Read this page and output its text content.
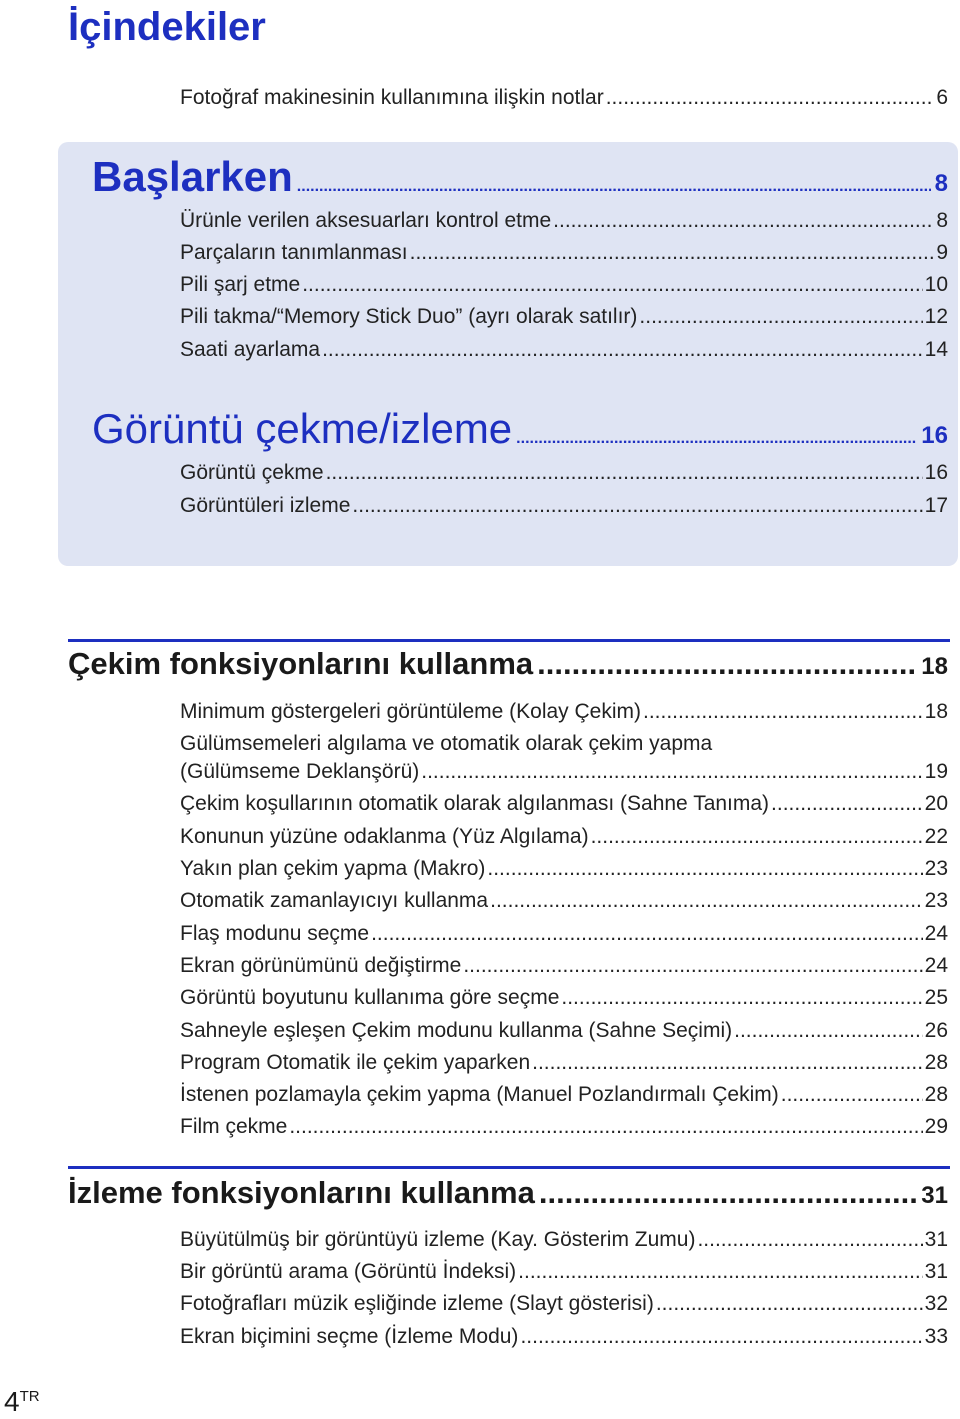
İçindekiler
Fotoğraf makinesinin kullanımına ilişkin notlar .....	6
Başlarken .....	8
Ürünle verilen aksesuarları kontrol etme .....	8
Parçaların tanımlanması .....	9
Pili şarj etme .....	10
Pili takma/“Memory Stick Duo” (ayrı olarak satılır) .....	12
Saati ayarlama .....	14
Görüntü çekme/izleme .....	16
Görüntü çekme .....	16
Görüntüleri izleme .....	17
Çekim fonksiyonlarını kullanma .....	18
Minimum göstergeleri görüntüleme (Kolay Çekim) .....	18
Gülümsemeleri algılama ve otomatik olarak çekim yapma
(Gülümseme Deklanşörü) .....	19
Çekim koşullarının otomatik olarak algılanması (Sahne Tanıma) .....	20
Konunun yüzüne odaklanma (Yüz Algılama) .....	22
Yakın plan çekim yapma (Makro) .....	23
Otomatik zamanlayıcıyı kullanma .....	23
Flaş modunu seçme .....	24
Ekran görünümünü değiştirme .....	24
Görüntü boyutunu kullanıma göre seçme .....	25
Sahneyle eşleşen Çekim modunu kullanma (Sahne Seçimi) .....	26
Program Otomatik ile çekim yaparken .....	28
İstenen pozlamayla çekim yapma (Manuel Pozlandırmalı Çekim) .....	28
Film çekme .....	29
İzleme fonksiyonlarını kullanma .....	31
Büyütülmüş bir görüntüyü izleme (Kay. Gösterim Zumu) .....	31
Bir görüntü arama (Görüntü İndeksi) .....	31
Fotoğrafları müzik eşliğinde izleme (Slayt gösterisi) .....	32
Ekran biçimini seçme (İzleme Modu) .....	33
$4^{TR}$
